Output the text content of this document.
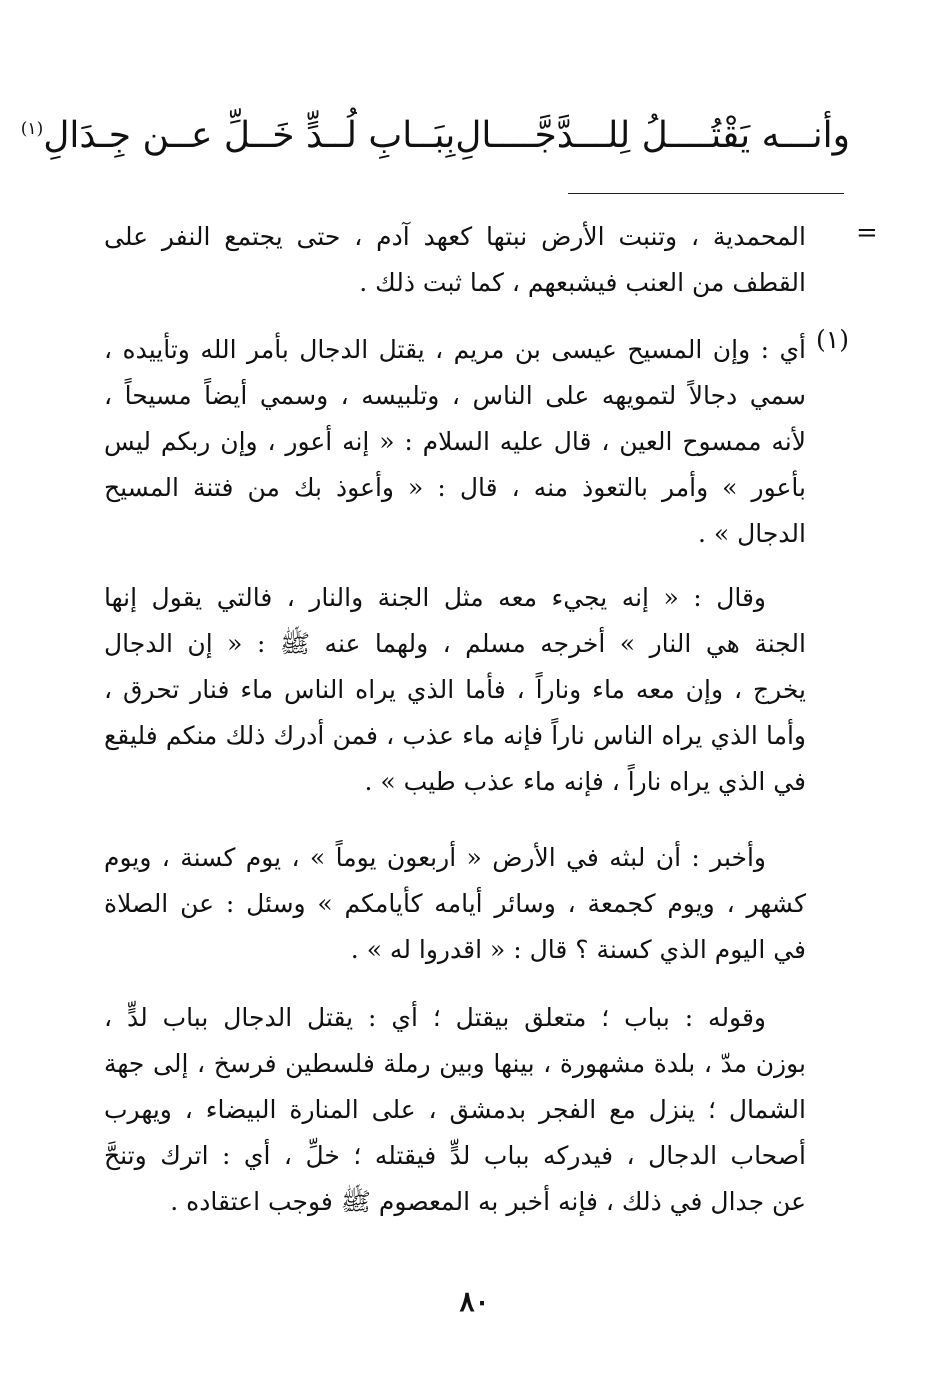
وأنـــه يَقْتُــــلُ لِلـــدَّجَّــــالِ
بِبَــابِ لُــدٍّ خَــلِّ عــن جِـدَالِ$^{(١)}$
=
المحمدية ، وتنبت الأرض نبتها كعهد آدم ، حتى يجتمع النفر على
القطف من العنب فيشبعهم ، كما ثبت ذلك .
(١)
أي : وإن المسيح عيسى بن مريم ، يقتل الدجال بأمر الله وتأييده ،
سمي دجالاً لتمويهه على الناس ، وتلبيسه ، وسمي أيضاً مسيحاً ،
لأنه ممسوح العين ، قال عليه السلام : « إنه أعور ، وإن ربكم ليس
بأعور » وأمر بالتعوذ منه ، قال : « وأعوذ بك من فتنة المسيح
الدجال » .
وقال : « إنه يجيء معه مثل الجنة والنار ، فالتي يقول إنها
الجنة هي النار » أخرجه مسلم ، ولهما عنه ﷺ : « إن الدجال
يخرج ، وإن معه ماء وناراً ، فأما الذي يراه الناس ماء فنار تحرق ،
وأما الذي يراه الناس ناراً فإنه ماء عذب ، فمن أدرك ذلك منكم فليقع
في الذي يراه ناراً ، فإنه ماء عذب طيب » .
وأخبر : أن لبثه في الأرض « أربعون يوماً » ، يوم كسنة ، ويوم
كشهر ، ويوم كجمعة ، وسائر أيامه كأيامكم » وسئل : عن الصلاة
في اليوم الذي كسنة ؟ قال : « اقدروا له » .
وقوله : بباب ؛ متعلق بيقتل ؛ أي : يقتل الدجال بباب لدٍّ ،
بوزن مدّ ، بلدة مشهورة ، بينها وبين رملة فلسطين فرسخ ، إلى جهة
الشمال ؛ ينزل مع الفجر بدمشق ، على المنارة البيضاء ، ويهرب
أصحاب الدجال ، فيدركه بباب لدٍّ فيقتله ؛ خلِّ ، أي : اترك وتنحَّ
عن جدال في ذلك ، فإنه أخبر به المعصوم ﷺ فوجب اعتقاده .
٨٠
